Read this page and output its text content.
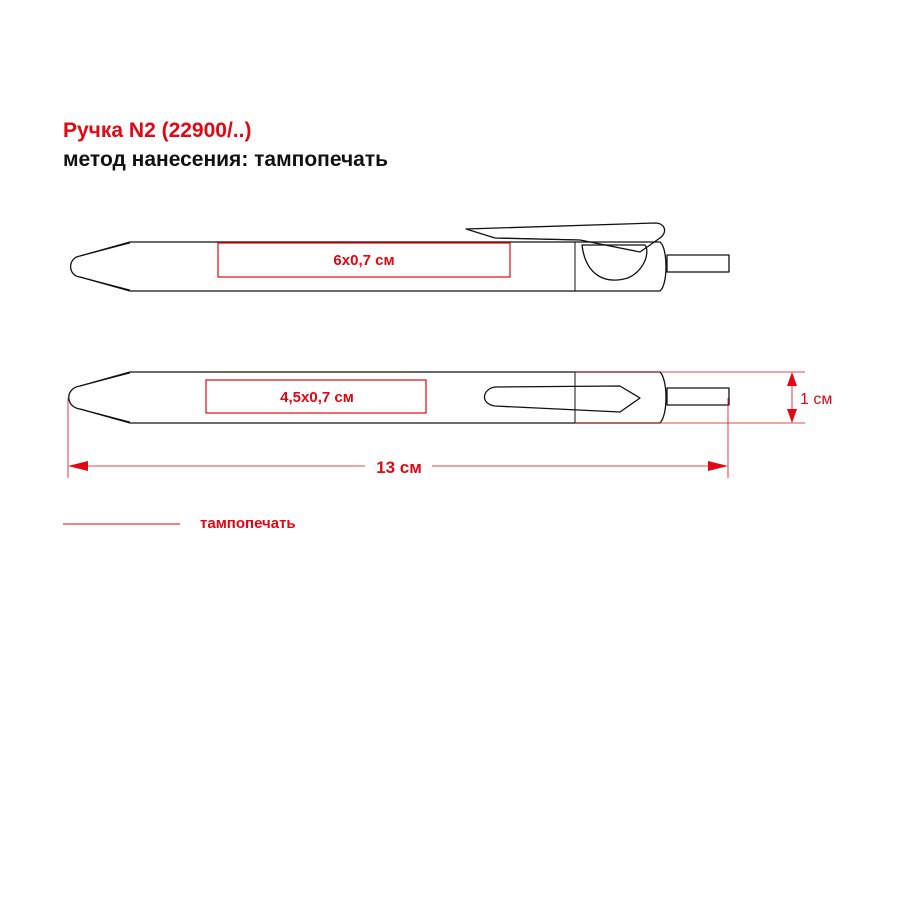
Ручка N2 (22900/..)
метод нанесения: тампопечать
6x0,7 см
4,5x0,7 см
13 см
1 см
тампопечать
